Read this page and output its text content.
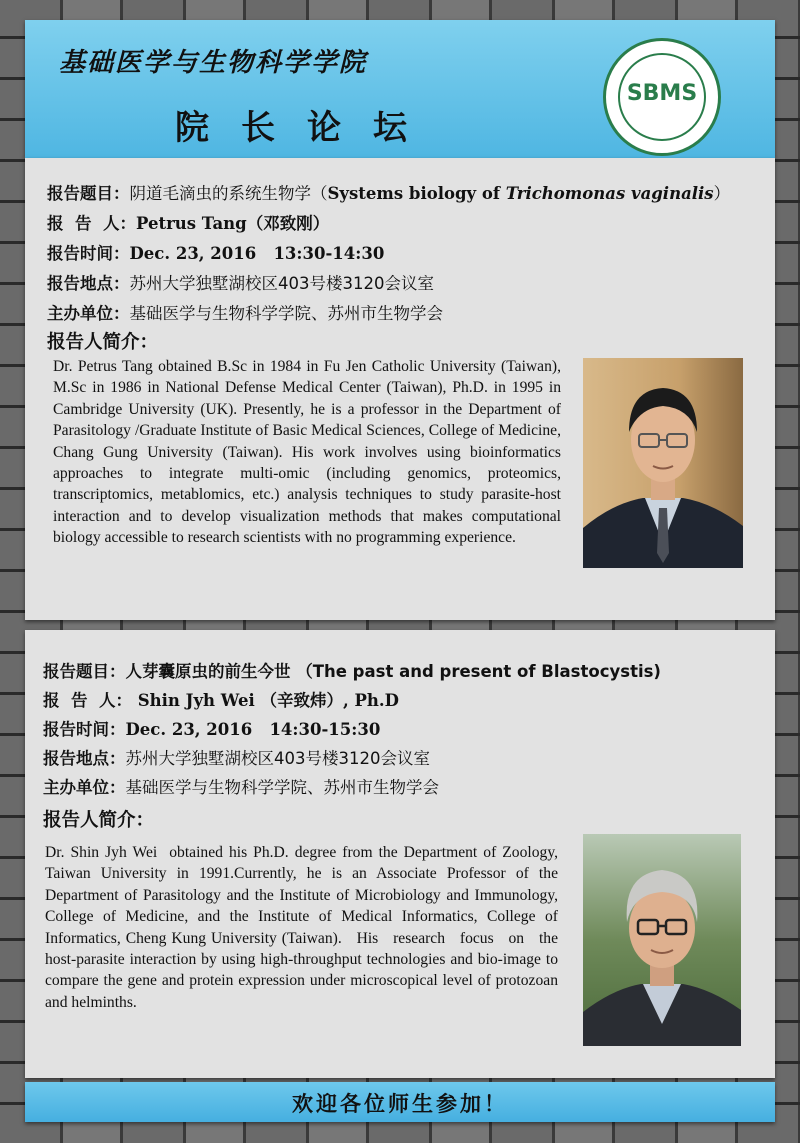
基础医学与生物科学学院
院长论坛
SBMS
报告题目：阴道毛滴虫的系统生物学（Systems biology of Trichomonas vaginalis）
报  告  人：Petrus Tang（邓致刚）
报告时间：Dec. 23, 2016   13:30-14:30
报告地点：苏州大学独墅湖校区403号楼3120会议室
主办单位：基础医学与生物科学学院、苏州市生物学会
报告人简介：
Dr. Petrus Tang obtained B.Sc in 1984 in Fu Jen Catholic University (Taiwan), M.Sc in 1986 in National Defense Medical Center (Taiwan), Ph.D. in 1995 in Cambridge University (UK). Presently, he is a professor in the Department of Parasitology /Graduate Institute of Basic Medical Sciences, College of Medicine, Chang Gung University (Taiwan). His work involves using bioinformatics approaches to integrate multi-omic (including genomics, proteomics, transcriptomics, metablomics, etc.) analysis techniques to study parasite-host interaction and to develop visualization methods that makes computational biology accessible to research scientists with no programming experience.
报告题目：人芽囊原虫的前生今世 （The past and present of Blastocystis)
报  告  人： Shin Jyh Wei （辛致炜）, Ph.D
报告时间：Dec. 23, 2016   14:30-15:30
报告地点：苏州大学独墅湖校区403号楼3120会议室
主办单位：基础医学与生物科学学院、苏州市生物学会
报告人简介：
Dr. Shin Jyh Wei  obtained his Ph.D. degree from the Department of Zoology, Taiwan University in 1991.Currently, he is an Associate Professor of the Department of Parasitology and the Institute of Microbiology and Immunology, College of Medicine, and the Institute of Medical Informatics, College of Informatics, Cheng Kung University (Taiwan).   His   research   focus   on   the   host-parasite interaction by using high-throughput technologies and bio-image to compare the gene and protein expression under microscopical level of protozoan and helminths.
欢迎各位师生参加！
